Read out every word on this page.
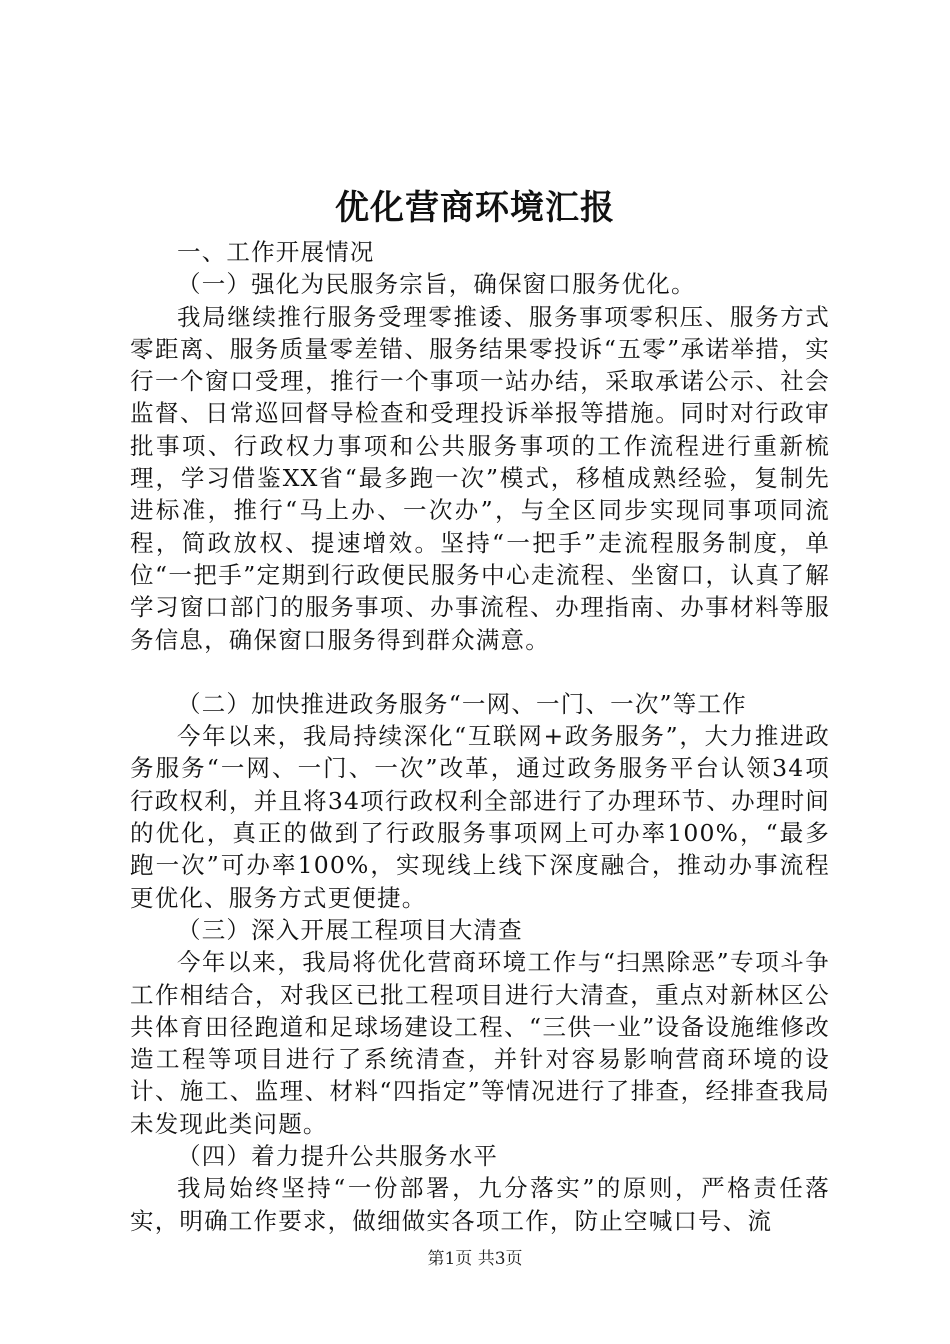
优化营商环境汇报

一、工作开展情况

（一）强化为民服务宗旨，确保窗口服务优化。

我局继续推行服务受理零推诿、服务事项零积压、服务方式零距离、服务质量零差错、服务结果零投诉“五零”承诺举措，实行一个窗口受理，推行一个事项一站办结，采取承诺公示、社会监督、日常巡回督导检查和受理投诉举报等措施。同时对行政审批事项、行政权力事项和公共服务事项的工作流程进行重新梳理，学习借鉴XX省“最多跑一次”模式，移植成熟经验，复制先进标准，推行“马上办、一次办”，与全区同步实现同事项同流程，简政放权、提速增效。坚持“一把手”走流程服务制度，单位“一把手”定期到行政便民服务中心走流程、坐窗口，认真了解学习窗口部门的服务事项、办事流程、办理指南、办事材料等服务信息，确保窗口服务得到群众满意。

（二）加快推进政务服务“一网、一门、一次”等工作

今年以来，我局持续深化“互联网+政务服务”，大力推进政务服务“一网、一门、一次”改革，通过政务服务平台认领34项行政权利，并且将34项行政权利全部进行了办理环节、办理时间的优化，真正的做到了行政服务事项网上可办率100%，“最多跑一次”可办率100%，实现线上线下深度融合，推动办事流程更优化、服务方式更便捷。

（三）深入开展工程项目大清查

今年以来，我局将优化营商环境工作与“扫黑除恶”专项斗争工作相结合，对我区已批工程项目进行大清查，重点对新林区公共体育田径跑道和足球场建设工程、“三供一业”设备设施维修改造工程等项目进行了系统清查，并针对容易影响营商环境的设计、施工、监理、材料“四指定”等情况进行了排查，经排查我局未发现此类问题。

（四）着力提升公共服务水平

我局始终坚持“一份部署，九分落实”的原则，严格责任落实，明确工作要求，做细做实各项工作，防止空喊口号、流

第1页 共3页
